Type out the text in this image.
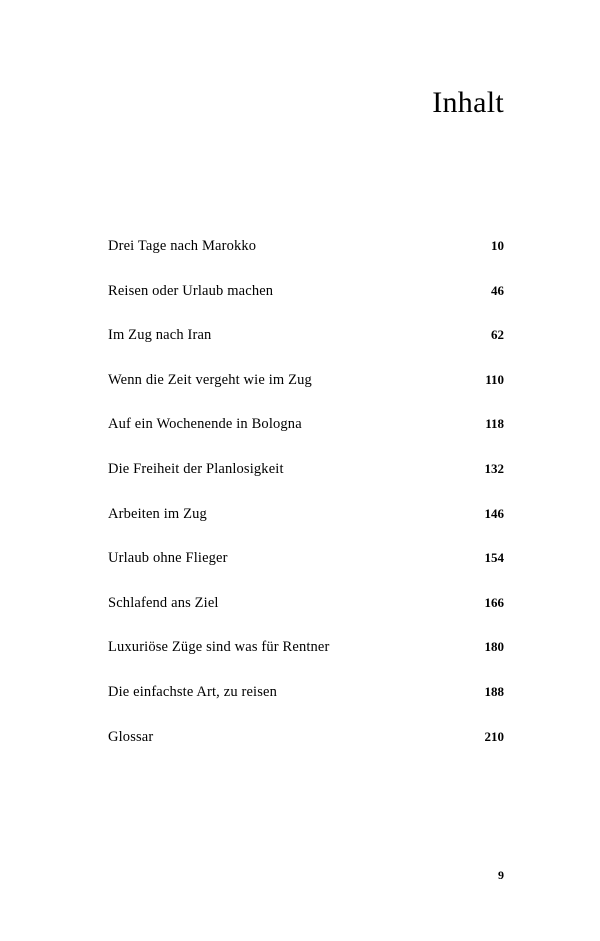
Inhalt
Drei Tage nach Marokko	10
Reisen oder Urlaub machen	46
Im Zug nach Iran	62
Wenn die Zeit vergeht wie im Zug	110
Auf ein Wochenende in Bologna	118
Die Freiheit der Planlosigkeit	132
Arbeiten im Zug	146
Urlaub ohne Flieger	154
Schlafend ans Ziel	166
Luxuriöse Züge sind was für Rentner	180
Die einfachste Art, zu reisen	188
Glossar	210
9
